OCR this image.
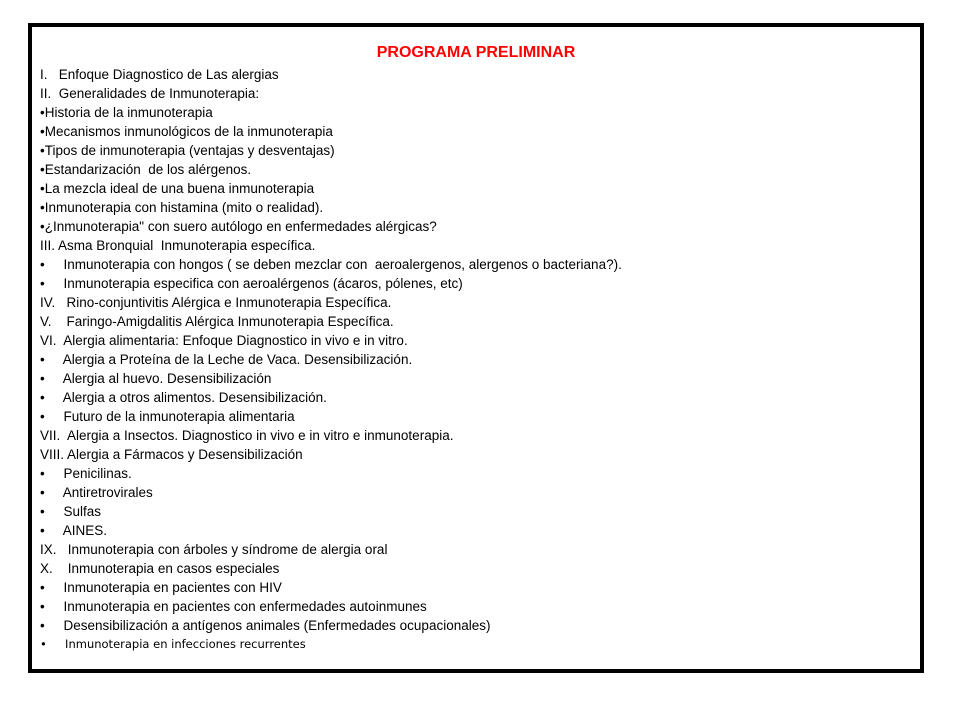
PROGRAMA PRELIMINAR
I.   Enfoque Diagnostico de Las alergias
II.  Generalidades de Inmunoterapia:
•Historia de la inmunoterapia
•Mecanismos inmunológicos de la inmunoterapia
•Tipos de inmunoterapia (ventajas y desventajas)
•Estandarización  de los alérgenos.
•La mezcla ideal de una buena inmunoterapia
•Inmunoterapia con histamina (mito o realidad).
•¿Inmunoterapia" con suero autólogo en enfermedades alérgicas?
III. Asma Bronquial  Inmunoterapia específica.
•     Inmunoterapia con hongos ( se deben mezclar con  aeroalergenos, alergenos o bacteriana?).
•     Inmunoterapia especifica con aeroalérgenos (ácaros, pólenes, etc)
IV.   Rino-conjuntivitis Alérgica e Inmunoterapia Específica.
V.    Faringo-Amigdalitis Alérgica Inmunoterapia Específica.
VI.  Alergia alimentaria: Enfoque Diagnostico in vivo e in vitro.
•     Alergia a Proteína de la Leche de Vaca. Desensibilización.
•     Alergia al huevo. Desensibilización
•     Alergia a otros alimentos. Desensibilización.
•     Futuro de la inmunoterapia alimentaria
VII.  Alergia a Insectos. Diagnostico in vivo e in vitro e inmunoterapia.
VIII. Alergia a Fármacos y Desensibilización
•     Penicilinas.
•     Antiretrovirales
•     Sulfas
•     AINES.
IX.   Inmunoterapia con árboles y síndrome de alergia oral
X.    Inmunoterapia en casos especiales
•     Inmunoterapia en pacientes con HIV
•     Inmunoterapia en pacientes con enfermedades autoinmunes
•     Desensibilización a antígenos animales (Enfermedades ocupacionales)
•     Inmunoterapia en infecciones recurrentes
